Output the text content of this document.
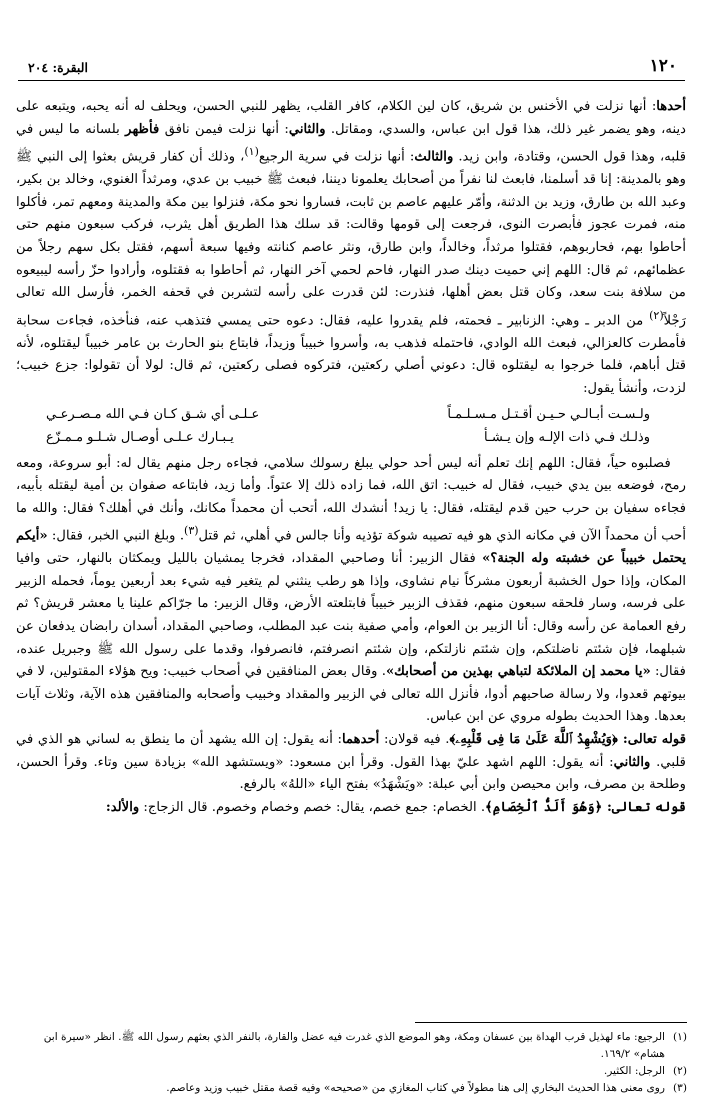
١٢٠
البقرة: ٢٠٤

أحدها: أنها نزلت في الأخنس بن شريق، كان لين الكلام، كافر القلب، يظهر للنبي الحسن، ويحلف له أنه يحبه، ويتبعه على دينه، وهو يضمر غير ذلك، هذا قول ابن عباس، والسدي، ومقاتل. والثاني: أنها نزلت فيمن نافق فأظهر بلسانه ما ليس في قلبه، وهذا قول الحسن، وقتادة، وابن زيد. والثالث: أنها نزلت في سرية الرجيع$^{(١)}$، وذلك أن كفار قريش بعثوا إلى النبي ﷺ وهو بالمدينة: إنا قد أسلمنا، فابعث لنا نفراً من أصحابك يعلمونا ديننا، فبعث ﷺ خبيب بن عدي، ومرثداً الغنوي، وخالد بن بكير، وعبد الله بن طارق، وزيد بن الدثنة، وأمّر عليهم عاصم بن ثابت، فساروا نحو مكة، فنزلوا بين مكة والمدينة ومعهم تمر، فأكلوا منه، فمرت عجوز فأبصرت النوى، فرجعت إلى قومها وقالت: قد سلك هذا الطريق أهل يثرب، فركب سبعون منهم حتى أحاطوا بهم، فحاربوهم، فقتلوا مرثداً، وخالداً، وابن طارق، ونثر عاصم كنانته وفيها سبعة أسهم، فقتل بكل سهم رجلاً من عظمائهم، ثم قال: اللهم إني حميت دينك صدر النهار، فاحم لحمي آخر النهار، ثم أحاطوا به فقتلوه، وأرادوا حزّ رأسه ليبيعوه من سلافة بنت سعد، وكان قتل بعض أهلها، فنذرت: لئن قدرت على رأسه لتشربن في قحفه الخمر، فأرسل الله تعالى رَجْلاً$^{(٢)}$ من الدبر ـ وهي: الزنابير ـ فحمته، فلم يقدروا عليه، فقال: دعوه حتى يمسي فتذهب عنه، فنأخذه، فجاءت سحابة فأمطرت كالعزالي، فبعث الله الوادي، فاحتمله فذهب به، وأسروا خبيباً وزيداً، فابتاع بنو الحارث بن عامر خبيباً ليقتلوه، لأنه قتل أباهم، فلما خرجوا به ليقتلوه قال: دعوني أصلي ركعتين، فتركوه فصلى ركعتين، ثم قال: لولا أن تقولوا: جزع خبيب؛ لزدت، وأنشأ يقول:

ولـسـت أبـالـي حـيـن أقـتـل مـسـلـمـاً
عـلـى أي شـق كـان فـي الله مـصـرعـي
وذلـك فـي ذات الإلـه وإن يـشـأ
يـبـارك عـلـى أوصـال شـلـو مـمـزّع

فصلبوه حياً، فقال: اللهم إنك تعلم أنه ليس أحد حولي يبلغ رسولك سلامي، فجاءه رجل منهم يقال له: أبو سروعة، ومعه رمح، فوضعه بين يدي خبيب، فقال له خبيب: اتق الله، فما زاده ذلك إلا عتواً. وأما زيد، فابتاعه صفوان بن أمية ليقتله بأبيه، فجاءه سفيان بن حرب حين قدم ليقتله، فقال: يا زيد! أنشدك الله، أتحب أن محمداً مكانك، وأنك في أهلك؟ فقال: والله ما أحب أن محمداً الآن في مكانه الذي هو فيه تصيبه شوكة تؤذيه وأنا جالس في أهلي، ثم قتل$^{(٣)}$. وبلغ النبي الخبر، فقال: «أيكم يحتمل خبيباً عن خشبته وله الجنة؟» فقال الزبير: أنا وصاحبي المقداد، فخرجا يمشيان بالليل ويمكثان بالنهار، حتى وافيا المكان، وإذا حول الخشبة أربعون مشركاً نيام نشاوى، وإذا هو رطب ينثني لم يتغير فيه شيء بعد أربعين يوماً، فحمله الزبير على فرسه، وسار فلحقه سبعون منهم، فقذف الزبير خبيباً فابتلعته الأرض، وقال الزبير: ما جرّاكم علينا يا معشر قريش؟ ثم رفع العمامة عن رأسه وقال: أنا الزبير بن العوام، وأمي صفية بنت عبد المطلب، وصاحبي المقداد، أسدان رابضان يدفعان عن شبلهما، فإن شئتم ناضلتكم، وإن شئتم نازلتكم، وإن شئتم انصرفتم، فانصرفوا، وقدما على رسول الله ﷺ وجبريل عنده، فقال: «يا محمد إن الملائكة لتباهي بهذين من أصحابك». وقال بعض المنافقين في أصحاب خبيب: ويح هؤلاء المقتولين، لا في بيوتهم قعدوا، ولا رسالة صاحبهم أدوا، فأنزل الله تعالى في الزبير والمقداد وخبيب وأصحابه والمنافقين هذه الآية، وثلاث آيات بعدها. وهذا الحديث بطوله مروي عن ابن عباس.

قوله تعالى: ﴿وَيُشْهِدُ ٱللَّهَ عَلَىٰ مَا فِى قَلْبِهِۦ﴾. فيه قولان: أحدهما: أنه يقول: إن الله يشهد أن ما ينطق به لساني هو الذي في قلبي. والثاني: أنه يقول: اللهم اشهد عليّ بهذا القول. وقرأ ابن مسعود: «ويستشهد الله» بزيادة سين وتاء. وقرأ الحسن، وطلحة بن مصرف، وابن محيصن وابن أبي عبلة: «ويَشْهَدُ» بفتح الياء «اللهُ» بالرفع.

قوله تعالى: ﴿وَهُوَ أَلَدُّ ٱلْخِصَامِ﴾. الخصام: جمع خصم، يقال: خصم وخصام وخصوم. قال الزجاج: والألد:

(١)
الرجيع: ماء لهذيل قرب الهداة بين عسفان ومكة، وهو الموضع الذي غدرت فيه عضل والقارة، بالنفر الذي بعثهم رسول الله ﷺ. انظر «سيرة ابن هشام» ١٦٩/٢.
(٢)
الرجل: الكثير.
(٣)
روى معنى هذا الحديث البخاري إلى هنا مطولاً في كتاب المغازي من «صحيحه» وفيه قصة مقتل خبيب وزيد وعاصم.
